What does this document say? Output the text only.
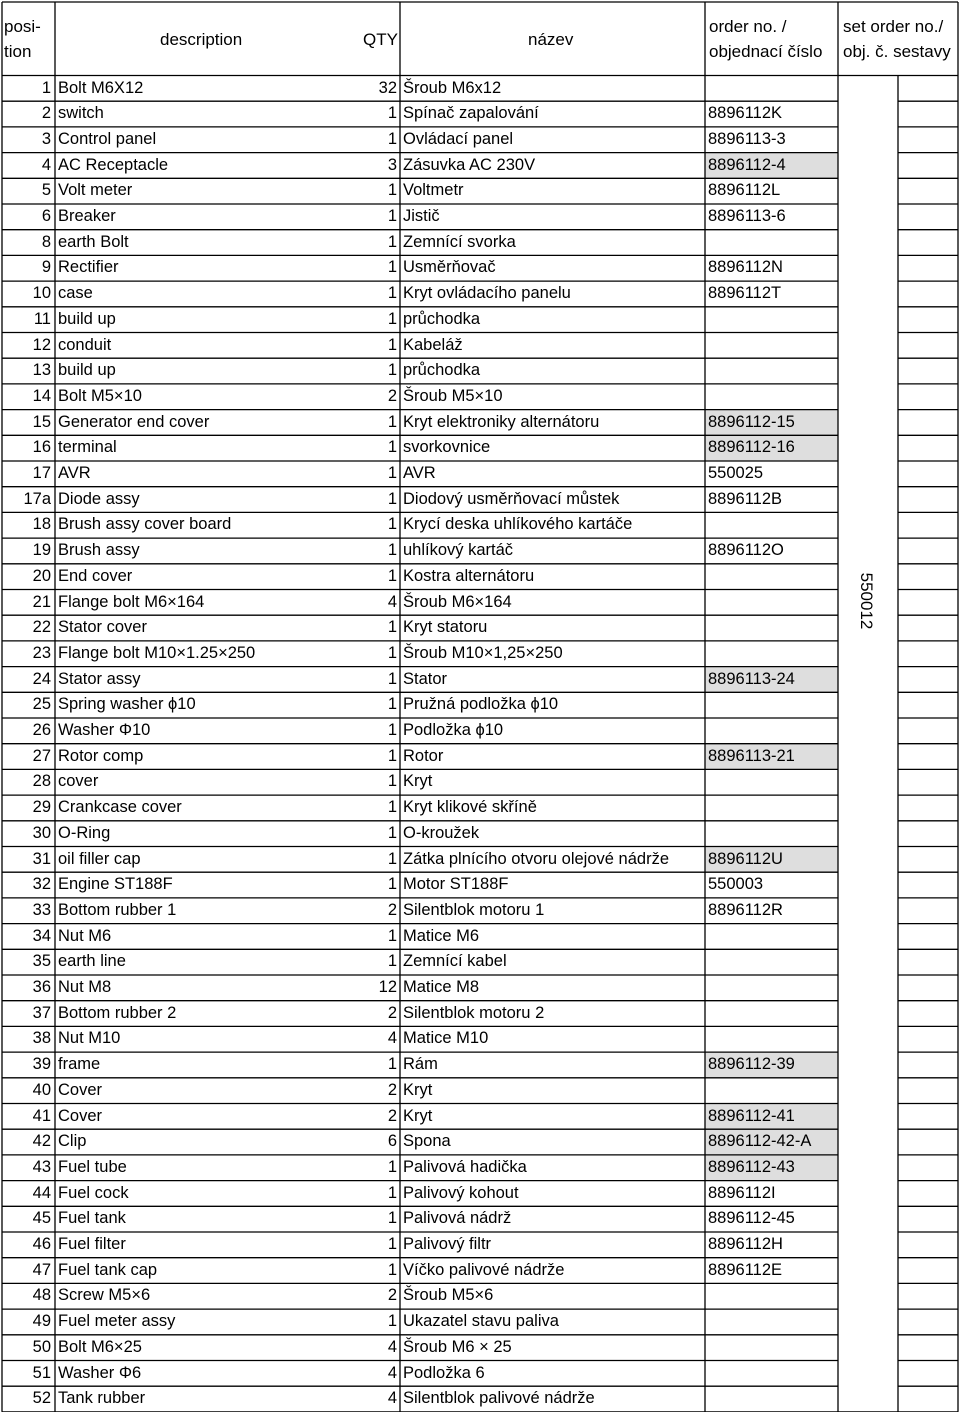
posi-
tion
description	QTY	název
order no. /
objednací číslo
set order no./
obj. č. sestavy
1 Bolt M6X12	32 Šroub M6x12
2 switch	1 Spínač zapalování	8896112K
3 Control panel	1 Ovládací panel	8896113-3
4 AC Receptacle	3 Zásuvka AC 230V	8896112-4
5 Volt meter	1 Voltmetr	8896112L
6 Breaker	1 Jistič	8896113-6
8 earth Bolt	1 Zemnící svorka
9 Rectifier	1 Usměrňovač	8896112N
10 case	1 Kryt ovládacího panelu	8896112T
11 build up	1 průchodka
12 conduit	1 Kabeláž
13 build up	1 průchodka
14 Bolt M5×10	2 Šroub M5×10
15 Generator end cover	1 Kryt elektroniky alternátoru	8896112-15
16 terminal	1 svorkovnice	8896112-16
17 AVR	1 AVR	550025
17a Diode assy	1 Diodový usměrňovací můstek	8896112B
18 Brush assy cover board	1 Krycí deska uhlíkového kartáče
19 Brush assy	1 uhlíkový kartáč	8896112O
20 End cover	1 Kostra alternátoru
21 Flange bolt M6×164	4 Šroub M6×164
22 Stator cover	1 Kryt statoru
23 Flange bolt M10×1.25×250	1 Šroub M10×1,25×250
24 Stator assy	1 Stator	8896113-24
25 Spring washer ϕ10	1 Pružná podložka ϕ10
26 Washer Φ10	1 Podložka ϕ10
27 Rotor comp	1 Rotor	8896113-21
28 cover	1 Kryt
29 Crankcase cover	1 Kryt klikové skříně
30 O-Ring	1 O-kroužek
31 oil filler cap	1 Zátka plnícího otvoru olejové nádrže	8896112U
32 Engine ST188F	1 Motor ST188F	550003
33 Bottom rubber 1	2 Silentblok motoru 1	8896112R
34 Nut M6	1 Matice M6
35 earth line	1 Zemnící kabel
36 Nut M8	12 Matice M8
37 Bottom rubber 2	2 Silentblok motoru 2
38 Nut M10	4 Matice M10
39 frame	1 Rám	8896112-39
40 Cover	2 Kryt
41 Cover	2 Kryt	8896112-41
42 Clip	6 Spona	8896112-42-A
43 Fuel tube	1 Palivová hadička	8896112-43
44 Fuel cock	1 Palivový kohout	8896112I
45 Fuel tank	1 Palivová nádrž	8896112-45
46 Fuel filter	1 Palivový filtr	8896112H
47 Fuel tank cap	1 Víčko palivové nádrže	8896112E
48 Screw M5×6	2 Šroub M5×6
49 Fuel meter assy	1 Ukazatel stavu paliva
50 Bolt M6×25	4 Šroub M6 × 25
51 Washer Φ6	4 Podložka 6
52 Tank rubber	4 Silentblok palivové nádrže
550012
